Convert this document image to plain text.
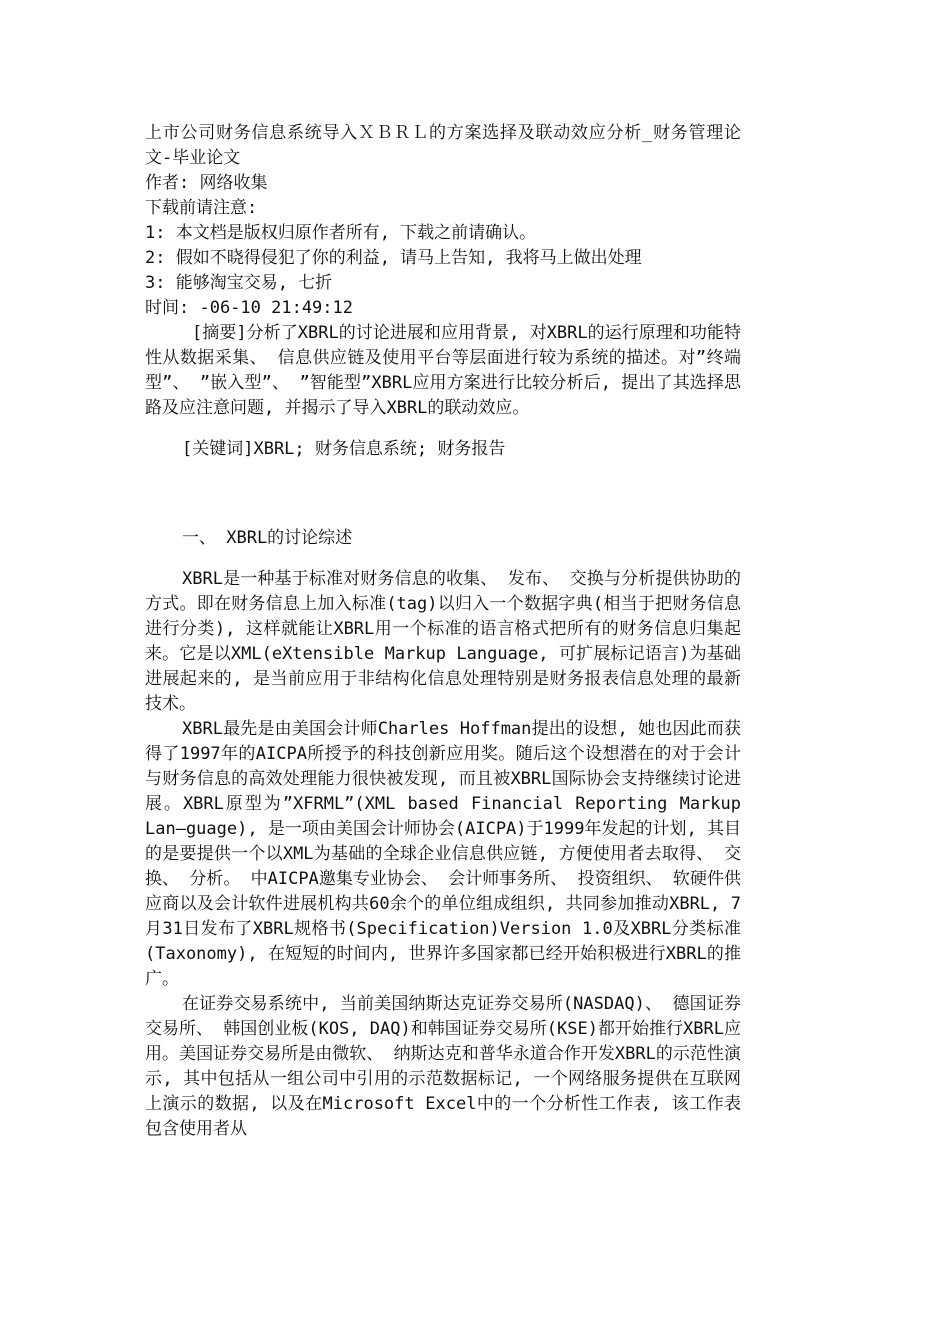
上市公司财务信息系统导入ＸＢＲＬ的方案选择及联动效应分析_财务管理论文-毕业论文

作者: 网络收集

下载前请注意:

1: 本文档是版权归原作者所有, 下载之前请确认。

2: 假如不晓得侵犯了你的利益, 请马上告知, 我将马上做出处理

3: 能够淘宝交易, 七折

时间: -06-10 21:49:12

[摘要]分析了XBRL的讨论进展和应用背景, 对XBRL的运行原理和功能特性从数据采集、 信息供应链及使用平台等层面进行较为系统的描述。对”终端型”、 ”嵌入型”、 ”智能型”XBRL应用方案进行比较分析后, 提出了其选择思路及应注意问题, 并揭示了导入XBRL的联动效应。

[关键词]XBRL; 财务信息系统; 财务报告

一、 XBRL的讨论综述

XBRL是一种基于标准对财务信息的收集、 发布、 交换与分析提供协助的方式。即在财务信息上加入标准(tag)以归入一个数据字典(相当于把财务信息进行分类), 这样就能让XBRL用一个标准的语言格式把所有的财务信息归集起来。它是以XML(eXtensible Markup Language, 可扩展标记语言)为基础进展起来的, 是当前应用于非结构化信息处理特别是财务报表信息处理的最新技术。

XBRL最先是由美国会计师Charles Hoffman提出的设想, 她也因此而获得了1997年的AICPA所授予的科技创新应用奖。随后这个设想潜在的对于会计与财务信息的高效处理能力很快被发现, 而且被XBRL国际协会支持继续讨论进展。XBRL原型为”XFRML”(XML based Financial Reporting Markup Lan—guage), 是一项由美国会计师协会(AICPA)于1999年发起的计划, 其目的是要提供一个以XML为基础的全球企业信息供应链, 方便使用者去取得、 交换、 分析。 中AICPA邀集专业协会、 会计师事务所、 投资组织、 软硬件供应商以及会计软件进展机构共60余个的单位组成组织, 共同参加推动XBRL, 7月31日发布了XBRL规格书(Specification)Version 1.0及XBRL分类标准(Taxonomy), 在短短的时间内, 世界许多国家都已经开始积极进行XBRL的推广。

在证券交易系统中, 当前美国纳斯达克证券交易所(NASDAQ)、 德国证券交易所、 韩国创业板(KOS, DAQ)和韩国证券交易所(KSE)都开始推行XBRL应用。美国证券交易所是由微软、 纳斯达克和普华永道合作开发XBRL的示范性演示, 其中包括从一组公司中引用的示范数据标记, 一个网络服务提供在互联网上演示的数据, 以及在Microsoft Excel中的一个分析性工作表, 该工作表包含使用者从
